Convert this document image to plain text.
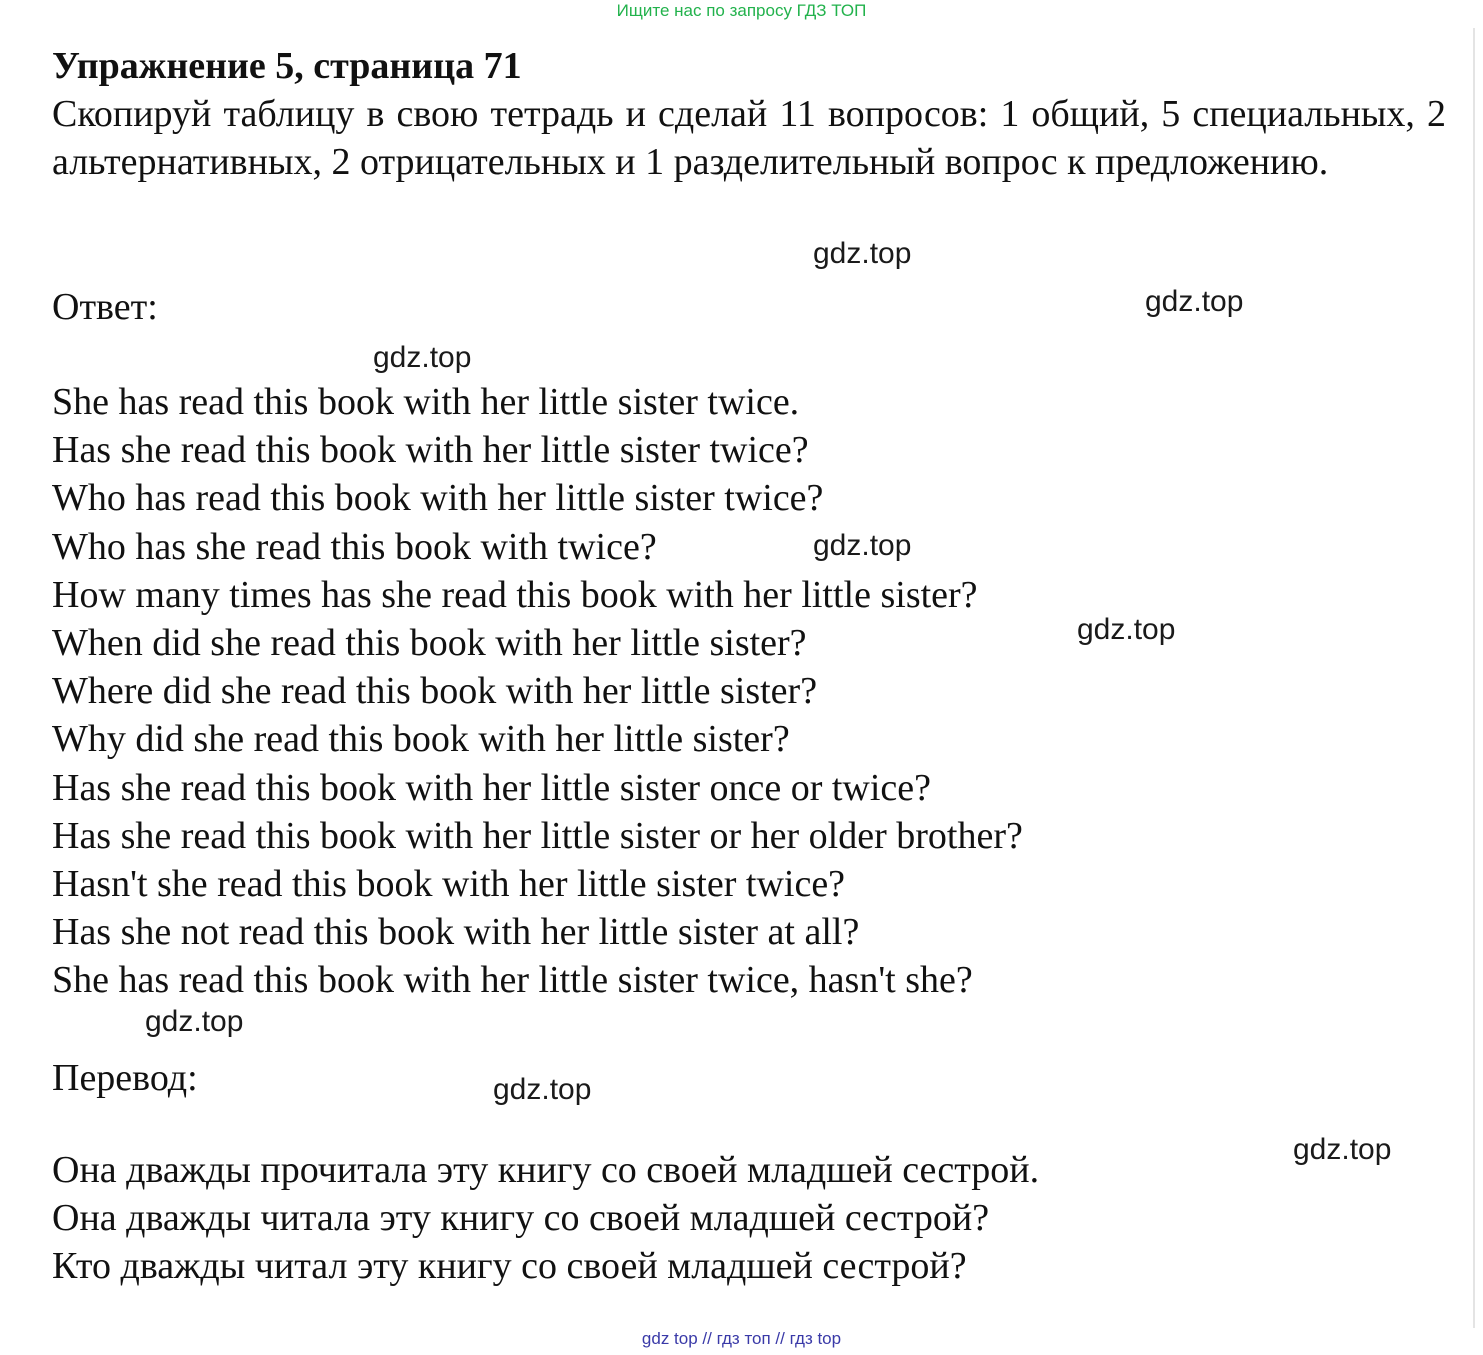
Ищите нас по запросу ГДЗ ТОП
Упражнение 5, страница 71

Скопируй таблицу в свою тетрадь и сделай 11 вопросов: 1 общий, 5 специальных, 2 альтернативных, 2 отрицательных и 1 разделительный вопрос к предложению.

Ответ:

She has read this book with her little sister twice.
Has she read this book with her little sister twice?
Who has read this book with her little sister twice?
Who has she read this book with twice?
How many times has she read this book with her little sister?
When did she read this book with her little sister?
Where did she read this book with her little sister?
Why did she read this book with her little sister?
Has she read this book with her little sister once or twice?
Has she read this book with her little sister or her older brother?
Hasn't she read this book with her little sister twice?
Has she not read this book with her little sister at all?
She has read this book with her little sister twice, hasn't she?

Перевод:

Она дважды прочитала эту книгу со своей младшей сестрой.
Она дважды читала эту книгу со своей младшей сестрой?
Кто дважды читал эту книгу со своей младшей сестрой?
gdz.top
gdz.top
gdz.top
gdz.top
gdz.top
gdz.top
gdz.top
gdz.top
gdz top // гдз топ // гдз top
